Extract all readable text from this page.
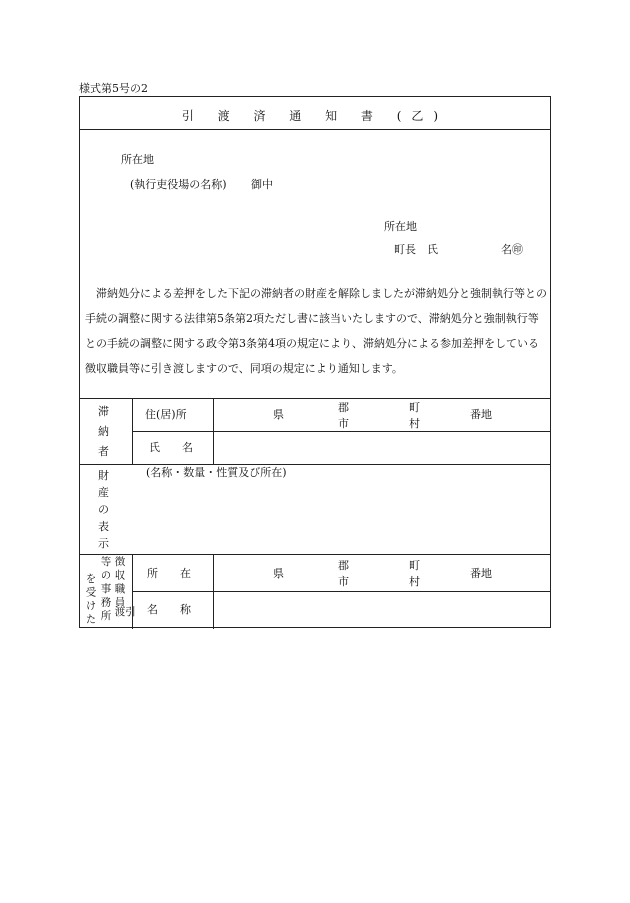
様式第5号の2
引 渡 済 通 知 書 (乙)
所在地
(執行吏役場の名称) 御中
所在地
町長　氏	名㊞
滞納処分による差押をした下記の滞納者の財産を解除しましたが滞納処分と強制執行等との手続の調整に関する法律第5条第2項ただし書に該当いたしますので、滞納処分と強制執行等との手続の調整に関する政令第3条第4項の規定により、滞納処分による参加差押をしている徴収職員等に引き渡しますので、同項の規定により通知します。
滞
納
者
住(居)所
氏　　名
県
郡
市
町
村
番地
財
産
の
表
示
(名称・数量・性質及び所在)
徴収職員
引渡
等の事務所
を受けた	所　　在
名　　称
県
郡
市
町
村
番地
